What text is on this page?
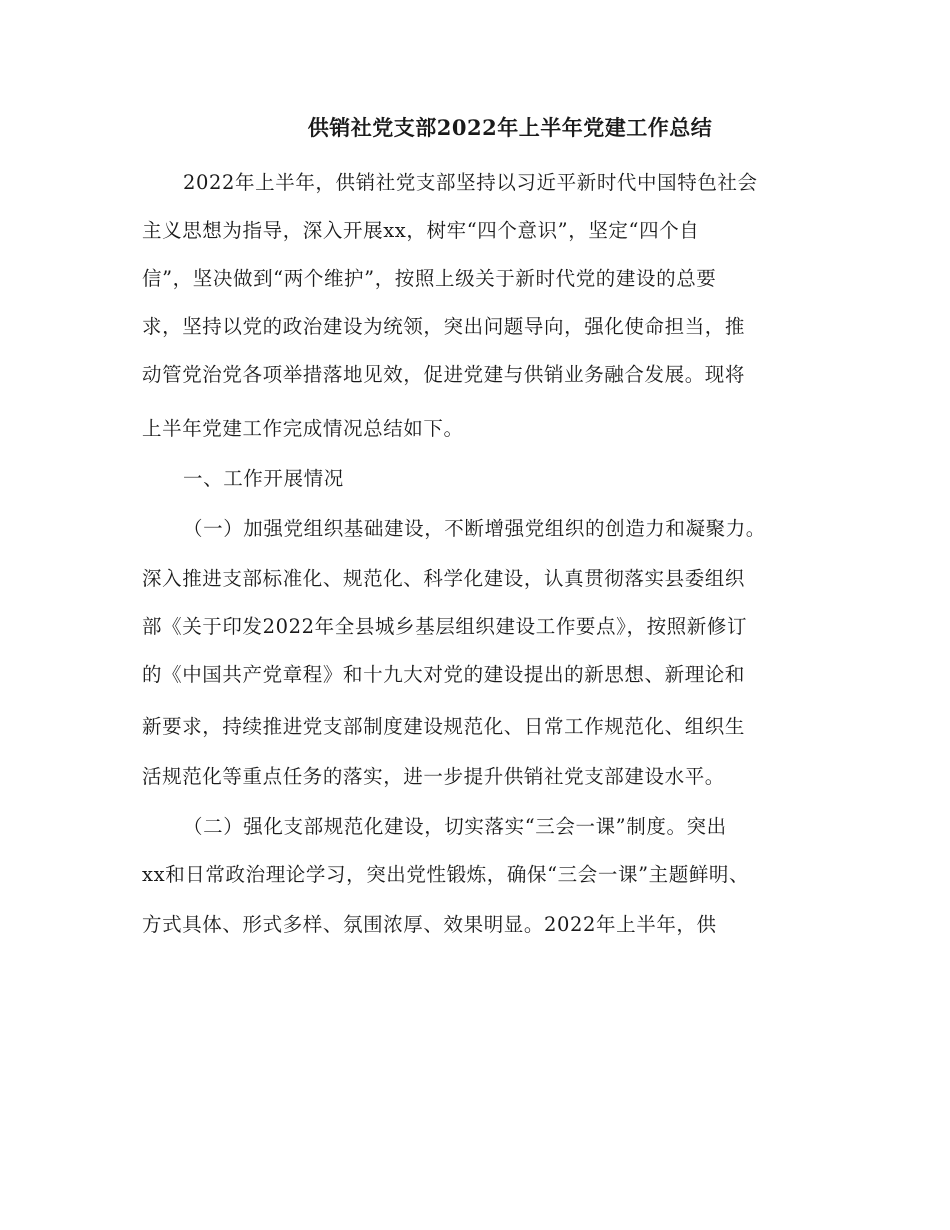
供销社党支部2022年上半年党建工作总结
2022年上半年，供销社党支部坚持以习近平新时代中国特色社会
主义思想为指导，深入开展xx，树牢“四个意识”，坚定“四个自
信”，坚决做到“两个维护”，按照上级关于新时代党的建设的总要
求，坚持以党的政治建设为统领，突出问题导向，强化使命担当，推
动管党治党各项举措落地见效，促进党建与供销业务融合发展。现将
上半年党建工作完成情况总结如下。
一、工作开展情况
（一）加强党组织基础建设，不断增强党组织的创造力和凝聚力。
深入推进支部标准化、规范化、科学化建设，认真贯彻落实县委组织
部《关于印发2022年全县城乡基层组织建设工作要点》，按照新修订
的《中国共产党章程》和十九大对党的建设提出的新思想、新理论和
新要求，持续推进党支部制度建设规范化、日常工作规范化、组织生
活规范化等重点任务的落实，进一步提升供销社党支部建设水平。
（二）强化支部规范化建设，切实落实“三会一课”制度。突出
xx和日常政治理论学习，突出党性锻炼，确保“三会一课”主题鲜明、
方式具体、形式多样、氛围浓厚、效果明显。2022年上半年，供
